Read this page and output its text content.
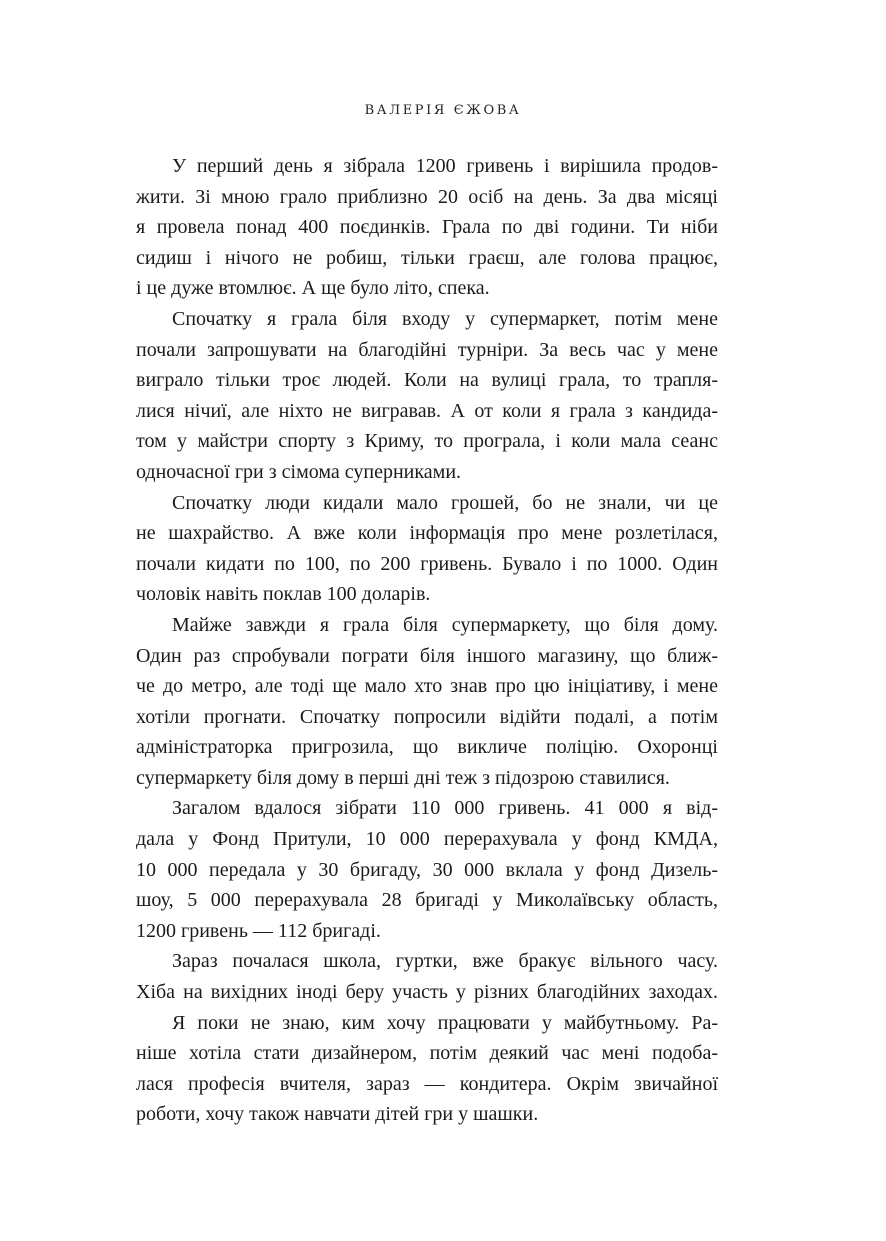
ВАЛЕРІЯ ЄЖОВА
У перший день я зібрала 1200 гривень і вирішила продов-
жити. Зі мною грало приблизно 20 осіб на день. За два місяці
я провела понад 400 поєдинків. Грала по дві години. Ти ніби
сидиш і нічого не робиш, тільки граєш, але голова працює,
і це дуже втомлює. А ще було літо, спека.
Спочатку я грала біля входу у супермаркет, потім мене
почали запрошувати на благодійні турніри. За весь час у мене
виграло тільки троє людей. Коли на вулиці грала, то трапля-
лися нічиї, але ніхто не вигравав. А от коли я грала з кандида-
том у майстри спорту з Криму, то програла, і коли мала сеанс
одночасної гри з сімома суперниками.
Спочатку люди кидали мало грошей, бо не знали, чи це
не шахрайство. А вже коли інформація про мене розлетілася,
почали кидати по 100, по 200 гривень. Бувало і по 1000. Один
чоловік навіть поклав 100 доларів.
Майже завжди я грала біля супермаркету, що біля дому.
Один раз спробували пограти біля іншого магазину, що ближ-
че до метро, але тоді ще мало хто знав про цю ініціативу, і мене
хотіли прогнати. Спочатку попросили відійти подалі, а потім
адміністраторка пригрозила, що викличе поліцію. Охоронці
супермаркету біля дому в перші дні теж з підозрою ставилися.
Загалом вдалося зібрати 110 000 гривень. 41 000 я від-
дала у Фонд Притули, 10 000 перерахувала у фонд КМДА,
10 000 передала у 30 бригаду, 30 000 вклала у фонд Дизель-
шоу, 5 000 перерахувала 28 бригаді у Миколаївську область,
1200 гривень — 112 бригаді.
Зараз почалася школа, гуртки, вже бракує вільного часу.
Хіба на вихідних іноді беру участь у різних благодійних заходах.
Я поки не знаю, ким хочу працювати у майбутньому. Ра-
ніше хотіла стати дизайнером, потім деякий час мені подоба-
лася професія вчителя, зараз — кондитера. Окрім звичайної
роботи, хочу також навчати дітей гри у шашки.
